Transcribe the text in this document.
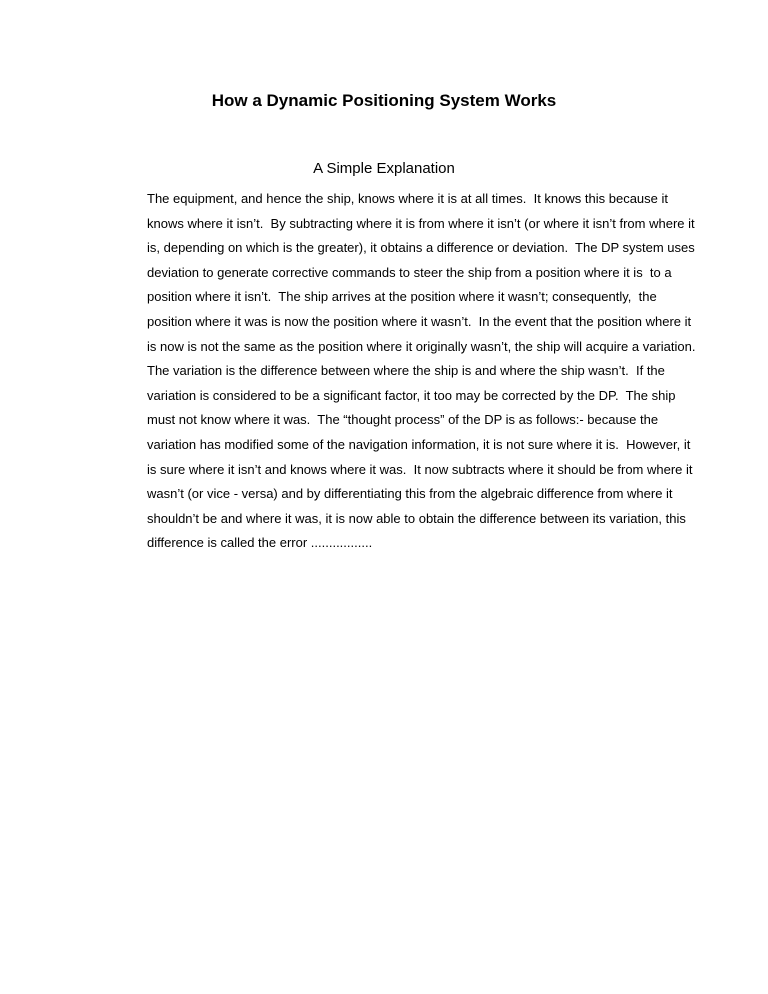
How a Dynamic Positioning System Works
A Simple Explanation
The equipment, and hence the ship, knows where it is at all times.  It knows this because it
knows where it isn’t.  By subtracting where it is from where it isn’t (or where it isn’t from where it
is, depending on which is the greater), it obtains a difference or deviation.  The DP system uses
deviation to generate corrective commands to steer the ship from a position where it is  to a
position where it isn’t.  The ship arrives at the position where it wasn’t; consequently,  the
position where it was is now the position where it wasn’t.  In the event that the position where it
is now is not the same as the position where it originally wasn’t, the ship will acquire a variation.
The variation is the difference between where the ship is and where the ship wasn’t.  If the
variation is considered to be a significant factor, it too may be corrected by the DP.  The ship
must not know where it was.  The “thought process” of the DP is as follows:- because the
variation has modified some of the navigation information, it is not sure where it is.  However, it
is sure where it isn’t and knows where it was.  It now subtracts where it should be from where it
wasn’t (or vice - versa) and by differentiating this from the algebraic difference from where it
shouldn’t be and where it was, it is now able to obtain the difference between its variation, this
difference is called the error .................
